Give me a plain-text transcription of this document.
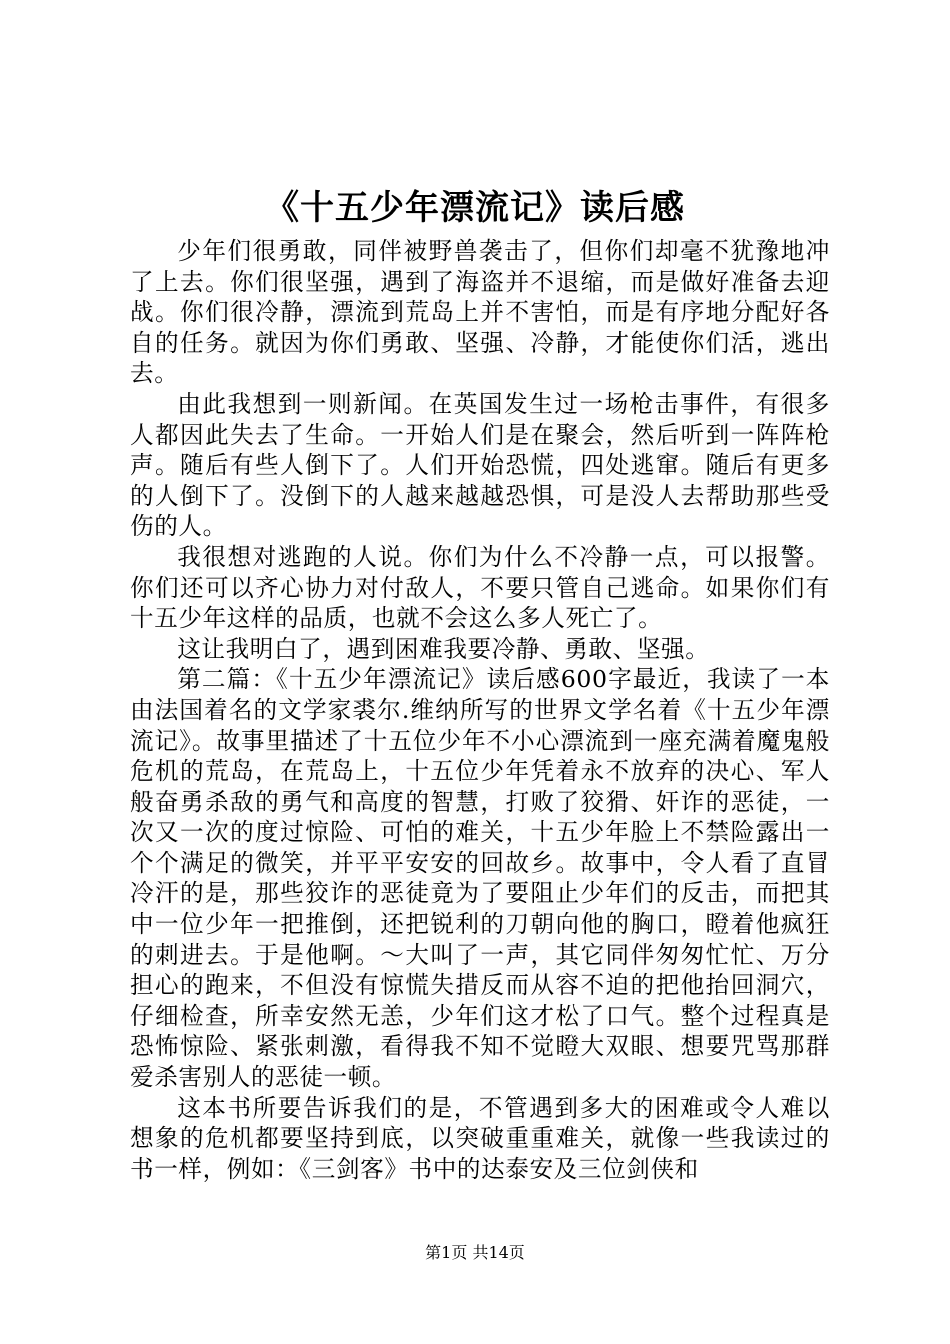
《十五少年漂流记》读后感

少年们很勇敢，同伴被野兽袭击了，但你们却毫不犹豫地冲了上去。你们很坚强，遇到了海盗并不退缩，而是做好准备去迎战。你们很冷静，漂流到荒岛上并不害怕，而是有序地分配好各自的任务。就因为你们勇敢、坚强、冷静，才能使你们活，逃出去。

由此我想到一则新闻。在英国发生过一场枪击事件，有很多人都因此失去了生命。一开始人们是在聚会，然后听到一阵阵枪声。随后有些人倒下了。人们开始恐慌，四处逃窜。随后有更多的人倒下了。没倒下的人越来越越恐惧，可是没人去帮助那些受伤的人。

我很想对逃跑的人说。你们为什么不冷静一点，可以报警。你们还可以齐心协力对付敌人，不要只管自己逃命。如果你们有十五少年这样的品质，也就不会这么多人死亡了。

这让我明白了，遇到困难我要冷静、勇敢、坚强。

第二篇：《十五少年漂流记》读后感600字最近，我读了一本由法国着名的文学家裘尔.维纳所写的世界文学名着《十五少年漂流记》。故事里描述了十五位少年不小心漂流到一座充满着魔鬼般危机的荒岛，在荒岛上，十五位少年凭着永不放弃的决心、军人般奋勇杀敌的勇气和高度的智慧，打败了狡猾、奸诈的恶徒，一次又一次的度过惊险、可怕的难关，十五少年脸上不禁险露出一个个满足的微笑，并平平安安的回故乡。故事中，令人看了直冒冷汗的是，那些狡诈的恶徒竟为了要阻止少年们的反击，而把其中一位少年一把推倒，还把锐利的刀朝向他的胸口，瞪着他疯狂的刺进去。于是他啊。～大叫了一声，其它同伴匆匆忙忙、万分担心的跑来，不但没有惊慌失措反而从容不迫的把他抬回洞穴，仔细检查，所幸安然无恙，少年们这才松了口气。整个过程真是恐怖惊险、紧张刺激，看得我不知不觉瞪大双眼、想要咒骂那群爱杀害别人的恶徒一顿。

这本书所要告诉我们的是，不管遇到多大的困难或令人难以想象的危机都要坚持到底，以突破重重难关，就像一些我读过的书一样，例如：《三剑客》书中的达泰安及三位剑侠和

第1页 共14页
